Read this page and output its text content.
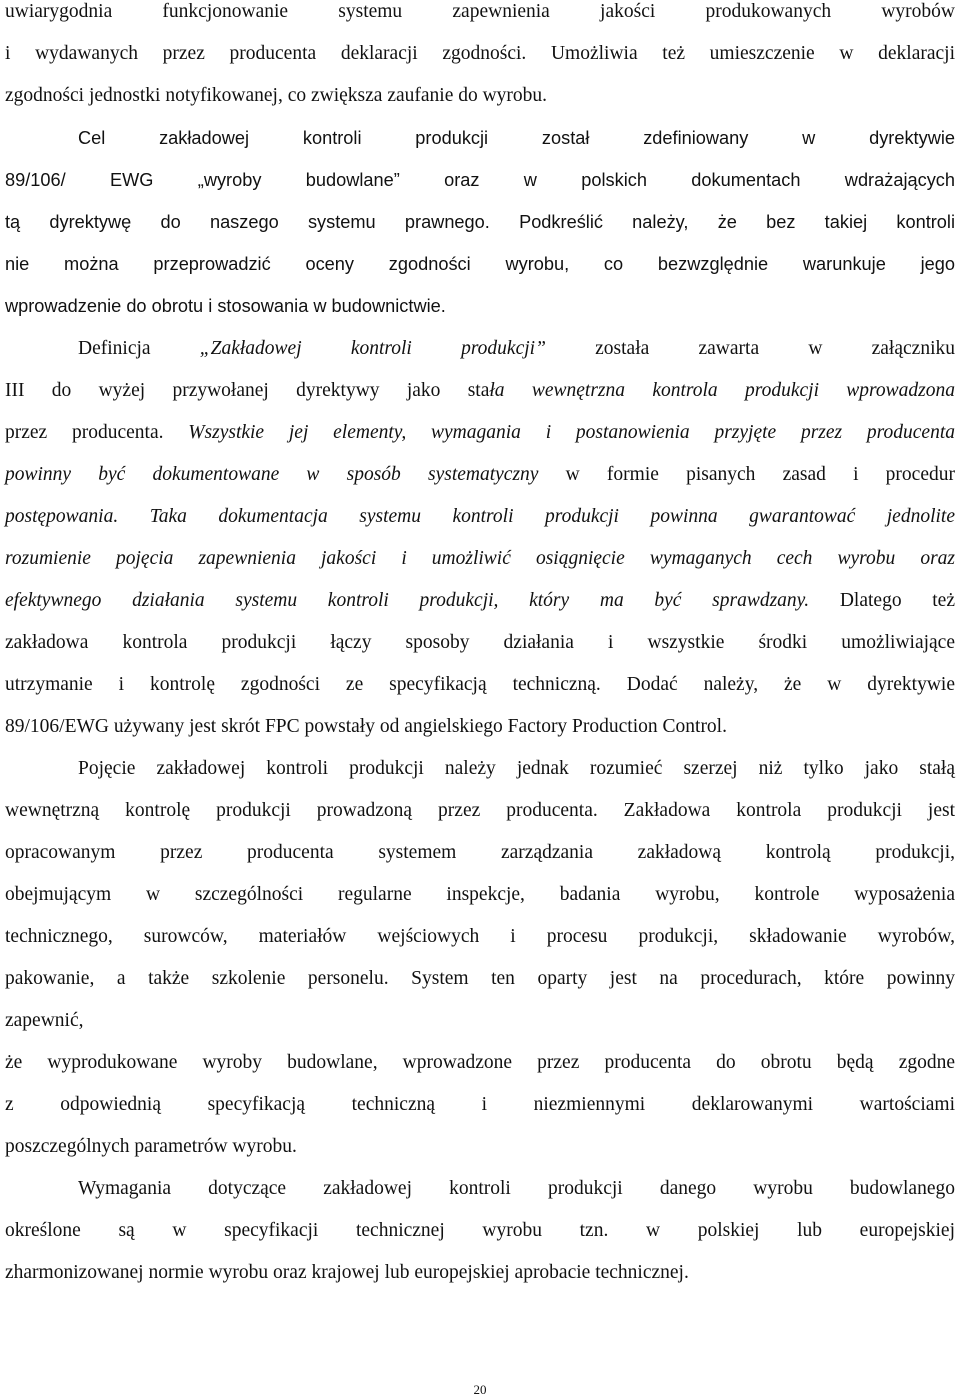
uwiarygodnia funkcjonowanie systemu zapewnienia jakości produkowanych wyrobów
i wydawanych przez producenta deklaracji zgodności. Umożliwia też umieszczenie w deklaracji
zgodności jednostki notyfikowanej, co zwiększa zaufanie do wyrobu.
Cel zakładowej kontroli produkcji został zdefiniowany w dyrektywie
89/106/ EWG „wyroby budowlane” oraz w polskich dokumentach wdrażających
tą dyrektywę do naszego systemu prawnego. Podkreślić należy, że bez takiej kontroli
nie można przeprowadzić oceny zgodności wyrobu, co bezwzględnie warunkuje jego
wprowadzenie do obrotu i stosowania w budownictwie.
Definicja „Zakładowej kontroli produkcji” została zawarta w załączniku
III do wyżej przywołanej dyrektywy jako stała wewnętrzna kontrola produkcji wprowadzona
przez producenta. Wszystkie jej elementy, wymagania i postanowienia przyjęte przez producenta
powinny być dokumentowane w sposób systematyczny w formie pisanych zasad i procedur
postępowania. Taka dokumentacja systemu kontroli produkcji powinna gwarantować jednolite
rozumienie pojęcia zapewnienia jakości i umożliwić osiągnięcie wymaganych cech wyrobu oraz
efektywnego działania systemu kontroli produkcji, który ma być sprawdzany. Dlatego też
zakładowa kontrola produkcji łączy sposoby działania i wszystkie środki umożliwiające
utrzymanie i kontrolę zgodności ze specyfikacją techniczną. Dodać należy, że w dyrektywie
89/106/EWG używany jest skrót FPC powstały od angielskiego Factory Production Control.
Pojęcie zakładowej kontroli produkcji należy jednak rozumieć szerzej niż tylko jako stałą
wewnętrzną kontrolę produkcji prowadzoną przez producenta. Zakładowa kontrola produkcji jest
opracowanym przez producenta systemem zarządzania zakładową kontrolą produkcji,
obejmującym w szczególności regularne inspekcje, badania wyrobu, kontrole wyposażenia
technicznego, surowców, materiałów wejściowych i procesu produkcji, składowanie wyrobów,
pakowanie, a także szkolenie personelu. System ten oparty jest na procedurach, które powinny
zapewnić,
że wyprodukowane wyroby budowlane, wprowadzone przez producenta do obrotu będą zgodne
z odpowiednią specyfikacją techniczną i niezmiennymi deklarowanymi wartościami
poszczególnych parametrów wyrobu.
Wymagania dotyczące zakładowej kontroli produkcji danego wyrobu budowlanego
określone są w specyfikacji technicznej wyrobu tzn. w polskiej lub europejskiej
zharmonizowanej normie wyrobu oraz krajowej lub europejskiej aprobacie technicznej.
20
